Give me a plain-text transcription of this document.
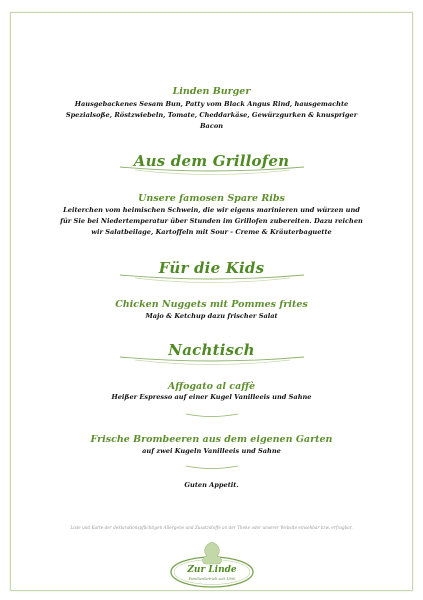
Linden Burger
Hausgebackenes Sesam Bun, Patty vom Black Angus Rind, hausgemachte
Spezialsoße, Röstzwiebeln, Tomate, Cheddarkäse, Gewürzgurken & knuspriger
Bacon
Aus dem Grillofen
Unsere famosen Spare Ribs
Leiterchen vom heimischen Schwein, die wir eigens marinieren und würzen und
für Sie bei Niedertemperatur über Stunden im Grillofen zubereiten. Dazu reichen
wir Salatbeilage, Kartoffeln mit Sour - Creme & Kräuterbaguette
Für die Kids
Chicken Nuggets mit Pommes frites
Majo & Ketchup dazu frischer Salat
Nachtisch
Affogato al caffè
Heißer Espresso auf einer Kugel Vanilleeis und Sahne
Frische Brombeeren aus dem eigenen Garten
auf zwei Kugeln Vanilleeis und Sahne
Guten Appetit.
Liste und Karte der deklarationspflichtigen Allergene und Zusatzstoffe an der Theke oder unserer Website einsehbar bzw. erfragbar.
Zur Linde
Familienbetrieb seit 1896
